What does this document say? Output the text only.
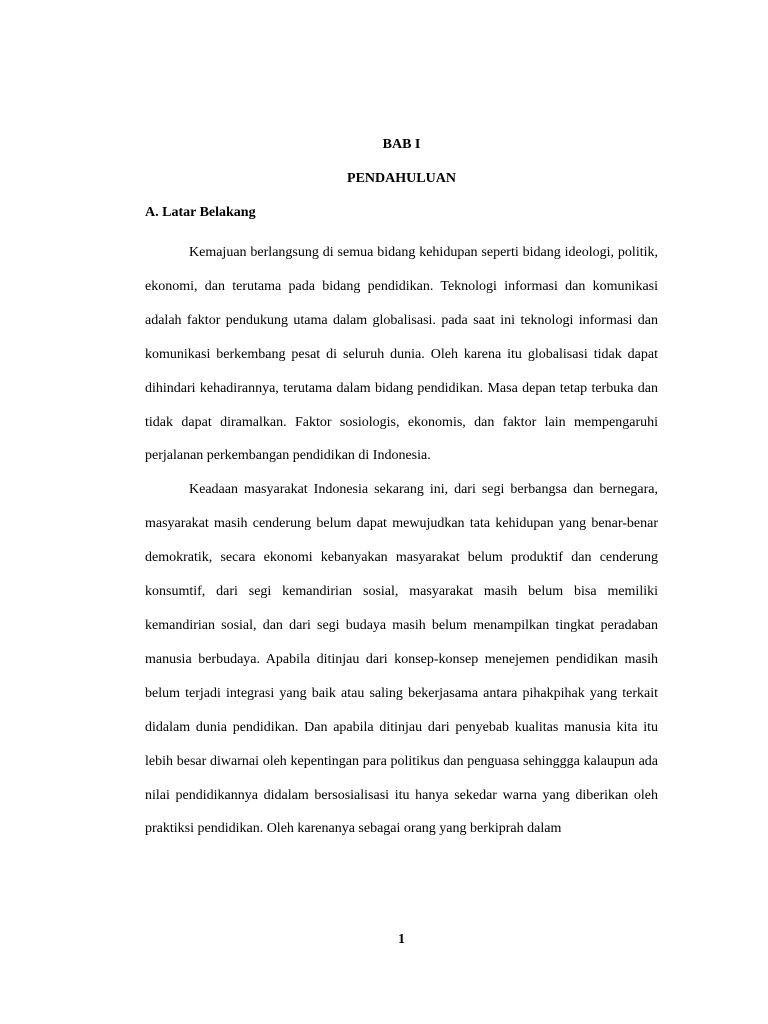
BAB I
PENDAHULUAN
A. Latar Belakang

Kemajuan berlangsung di semua bidang kehidupan seperti bidang ideologi, politik, ekonomi, dan terutama pada bidang pendidikan. Teknologi informasi dan komunikasi adalah faktor pendukung utama dalam globalisasi. pada saat ini teknologi informasi dan komunikasi berkembang pesat di seluruh dunia. Oleh karena itu globalisasi tidak dapat dihindari kehadirannya, terutama dalam bidang pendidikan. Masa depan tetap terbuka dan tidak dapat diramalkan. Faktor sosiologis, ekonomis, dan faktor lain mempengaruhi perjalanan perkembangan pendidikan di Indonesia.

Keadaan masyarakat Indonesia sekarang ini, dari segi berbangsa dan bernegara, masyarakat masih cenderung belum dapat mewujudkan tata kehidupan yang benar-benar demokratik, secara ekonomi kebanyakan masyarakat belum produktif dan cenderung konsumtif, dari segi kemandirian sosial, masyarakat masih belum bisa memiliki kemandirian sosial, dan dari segi budaya masih belum menampilkan tingkat peradaban manusia berbudaya. Apabila ditinjau dari konsep-konsep menejemen pendidikan masih belum terjadi integrasi yang baik atau saling bekerjasama antara pihakpihak yang terkait didalam dunia pendidikan. Dan apabila ditinjau dari penyebab kualitas manusia kita itu lebih besar diwarnai oleh kepentingan para politikus dan penguasa sehinggga kalaupun ada nilai pendidikannya didalam bersosialisasi itu hanya sekedar warna yang diberikan oleh praktiksi pendidikan. Oleh karenanya sebagai orang yang berkiprah dalam

1
